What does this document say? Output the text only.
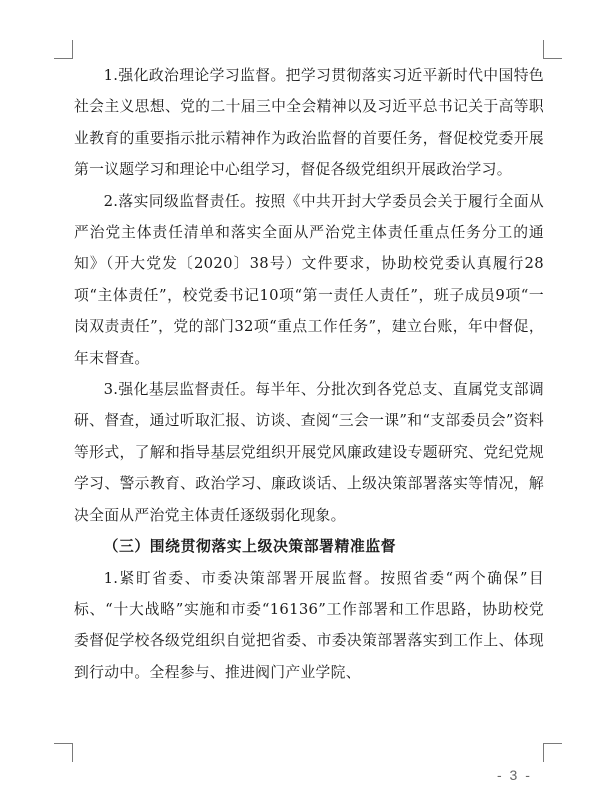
1.强化政治理论学习监督。把学习贯彻落实习近平新时代中国特色社会主义思想、党的二十届三中全会精神以及习近平总书记关于高等职业教育的重要指示批示精神作为政治监督的首要任务，督促校党委开展第一议题学习和理论中心组学习，督促各级党组织开展政治学习。

2.落实同级监督责任。按照《中共开封大学委员会关于履行全面从严治党主体责任清单和落实全面从严治党主体责任重点任务分工的通知》（开大党发〔2020〕38号）文件要求，协助校党委认真履行28项“主体责任”，校党委书记10项“第一责任人责任”，班子成员9项“一岗双责责任”，党的部门32项“重点工作任务”，建立台账，年中督促，年末督查。

3.强化基层监督责任。每半年、分批次到各党总支、直属党支部调研、督查，通过听取汇报、访谈、查阅“三会一课”和“支部委员会”资料等形式，了解和指导基层党组织开展党风廉政建设专题研究、党纪党规学习、警示教育、政治学习、廉政谈话、上级决策部署落实等情况，解决全面从严治党主体责任逐级弱化现象。

（三）围绕贯彻落实上级决策部署精准监督

1.紧盯省委、市委决策部署开展监督。按照省委“两个确保”目标、“十大战略”实施和市委“16136”工作部署和工作思路，协助校党委督促学校各级党组织自觉把省委、市委决策部署落实到工作上、体现到行动中。全程参与、推进阀门产业学院、

- 3 -
